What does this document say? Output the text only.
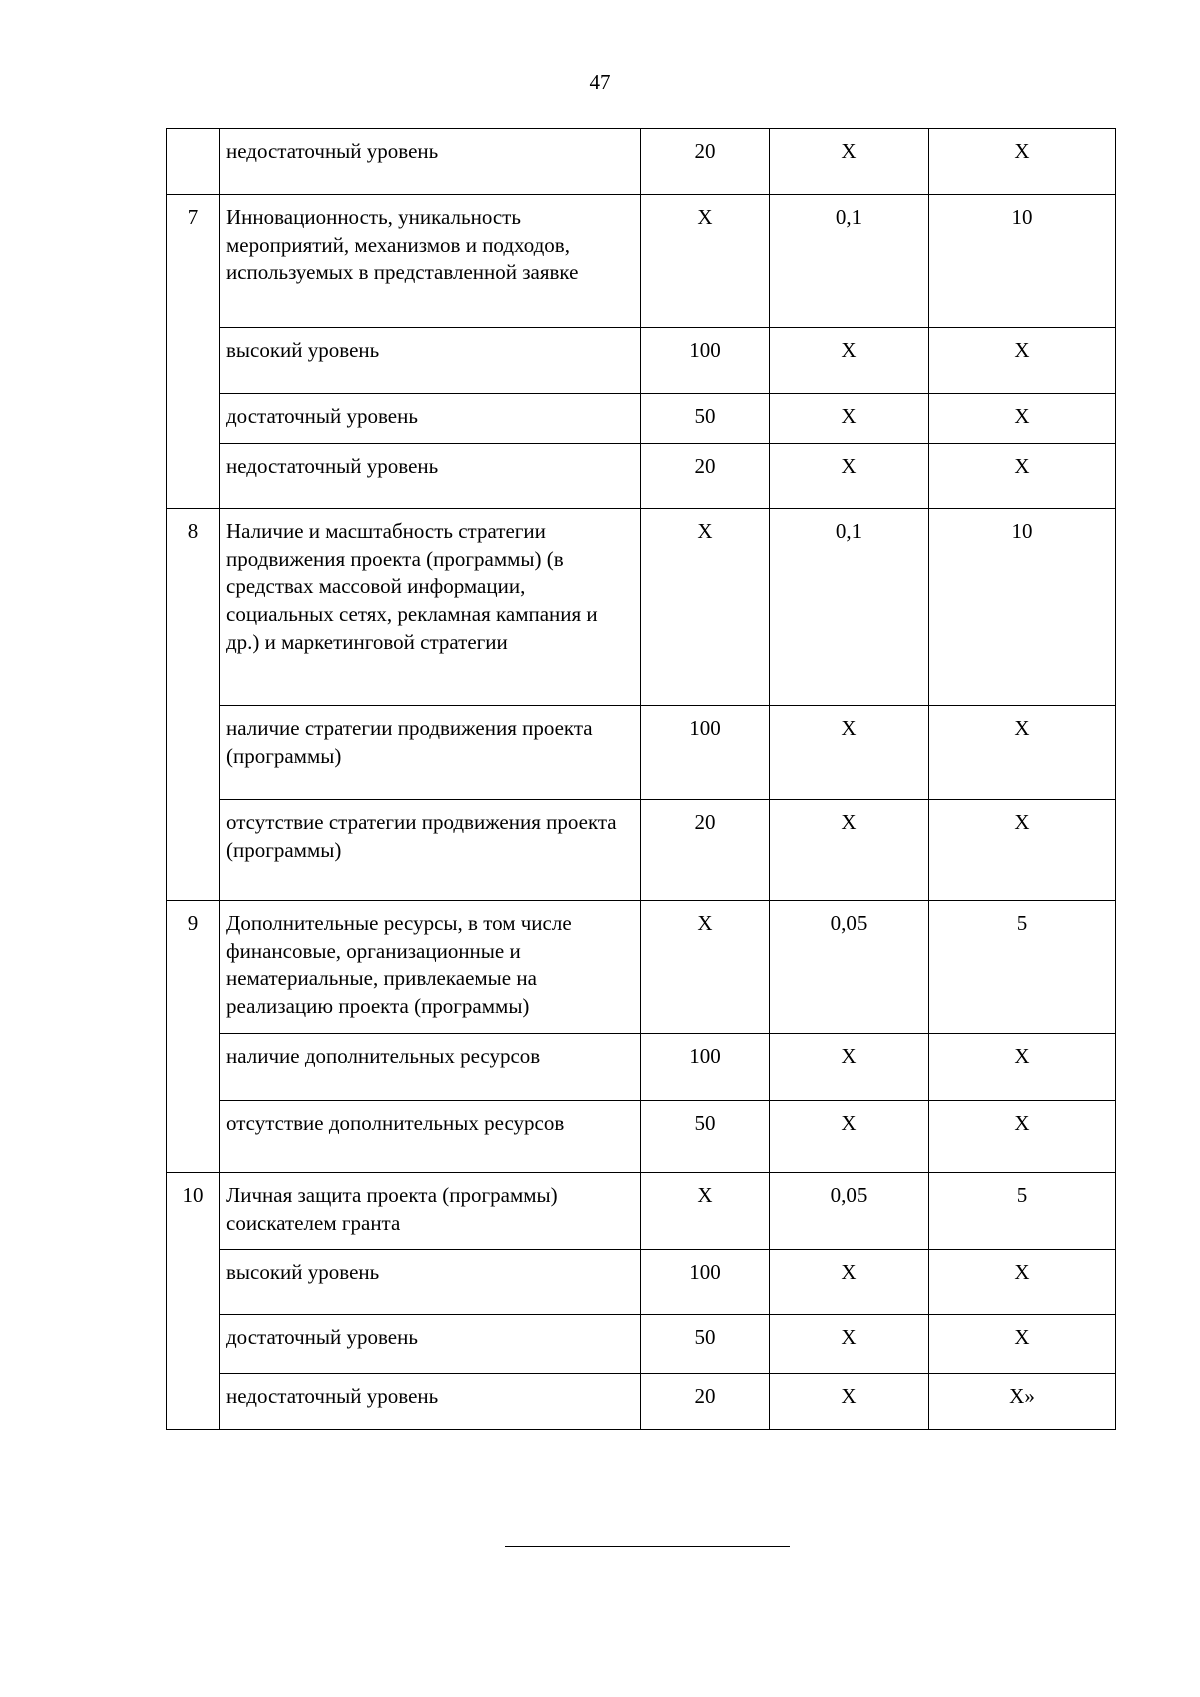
47
	недостаточный уровень	20	X	X
7	Инновационность, уникальность мероприятий, механизмов и подходов, используемых в представленной заявке	X	0,1	10
	высокий уровень	100	X	X
	достаточный уровень	50	X	X
	недостаточный уровень	20	X	X
8	Наличие и масштабность стратегии продвижения проекта (программы) (в средствах массовой информации, социальных сетях, рекламная кампания и др.) и маркетинговой стратегии	X	0,1	10
	наличие стратегии продвижения проекта (программы)	100	X	X
	отсутствие стратегии продвижения проекта (программы)	20	X	X
9	Дополнительные ресурсы, в том числе финансовые, организационные и нематериальные, привлекаемые на реализацию проекта (программы)	X	0,05	5
	наличие дополнительных ресурсов	100	X	X
	отсутствие дополнительных ресурсов	50	X	X
10	Личная защита проекта (программы) соискателем гранта	X	0,05	5
	высокий уровень	100	X	X
	достаточный уровень	50	X	X
	недостаточный уровень	20	X	X»
